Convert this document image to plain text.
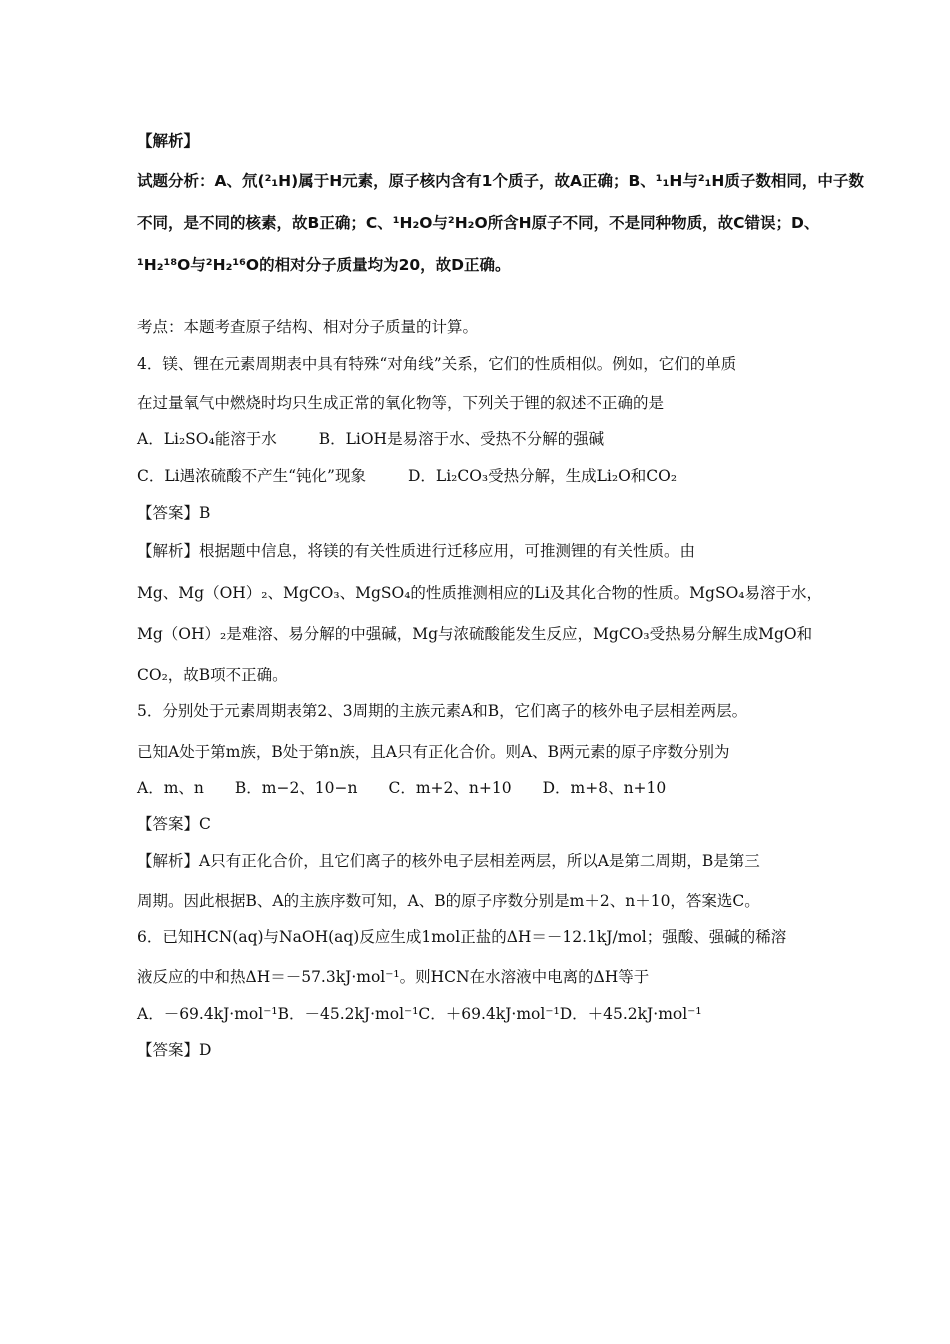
【解析】
试题分析：A、氘(²₁H)属于H元素，原子核内含有1个质子，故A正确；B、¹₁H与²₁H质子数相同，中子数
不同，是不同的核素，故B正确；C、¹H₂O与²H₂O所含H原子不同，不是同种物质，故C错误；D、
¹H₂¹⁸O与²H₂¹⁶O的相对分子质量均为20，故D正确。
考点：本题考查原子结构、相对分子质量的计算。
4．镁、锂在元素周期表中具有特殊“对角线”关系，它们的性质相似。例如，它们的单质
在过量氧气中燃烧时均只生成正常的氧化物等，下列关于锂的叙述不正确的是
A．Li₂SO₄能溶于水	B．LiOH是易溶于水、受热不分解的强碱
C．Li遇浓硫酸不产生“钝化”现象	D．Li₂CO₃受热分解，生成Li₂O和CO₂
【答案】B
【解析】根据题中信息，将镁的有关性质进行迁移应用，可推测锂的有关性质。由
Mg、Mg（OH）₂、MgCO₃、MgSO₄的性质推测相应的Li及其化合物的性质。MgSO₄易溶于水，
Mg（OH）₂是难溶、易分解的中强碱，Mg与浓硫酸能发生反应，MgCO₃受热易分解生成MgO和
CO₂，故B项不正确。
5．分别处于元素周期表第2、3周期的主族元素A和B，它们离子的核外电子层相差两层。
已知A处于第m族，B处于第n族，且A只有正化合价。则A、B两元素的原子序数分别为
A．m、n　　B．m−2、10−n　　C．m+2、n+10　　D．m+8、n+10
【答案】C
【解析】A只有正化合价，且它们离子的核外电子层相差两层，所以A是第二周期，B是第三
周期。因此根据B、A的主族序数可知，A、B的原子序数分别是m＋2、n＋10，答案选C。
6．已知HCN(aq)与NaOH(aq)反应生成1mol正盐的ΔH＝－12.1kJ/mol；强酸、强碱的稀溶
液反应的中和热ΔH＝－57.3kJ·mol⁻¹。则HCN在水溶液中电离的ΔH等于
A．－69.4kJ·mol⁻¹B．－45.2kJ·mol⁻¹C．＋69.4kJ·mol⁻¹D．＋45.2kJ·mol⁻¹
【答案】D
